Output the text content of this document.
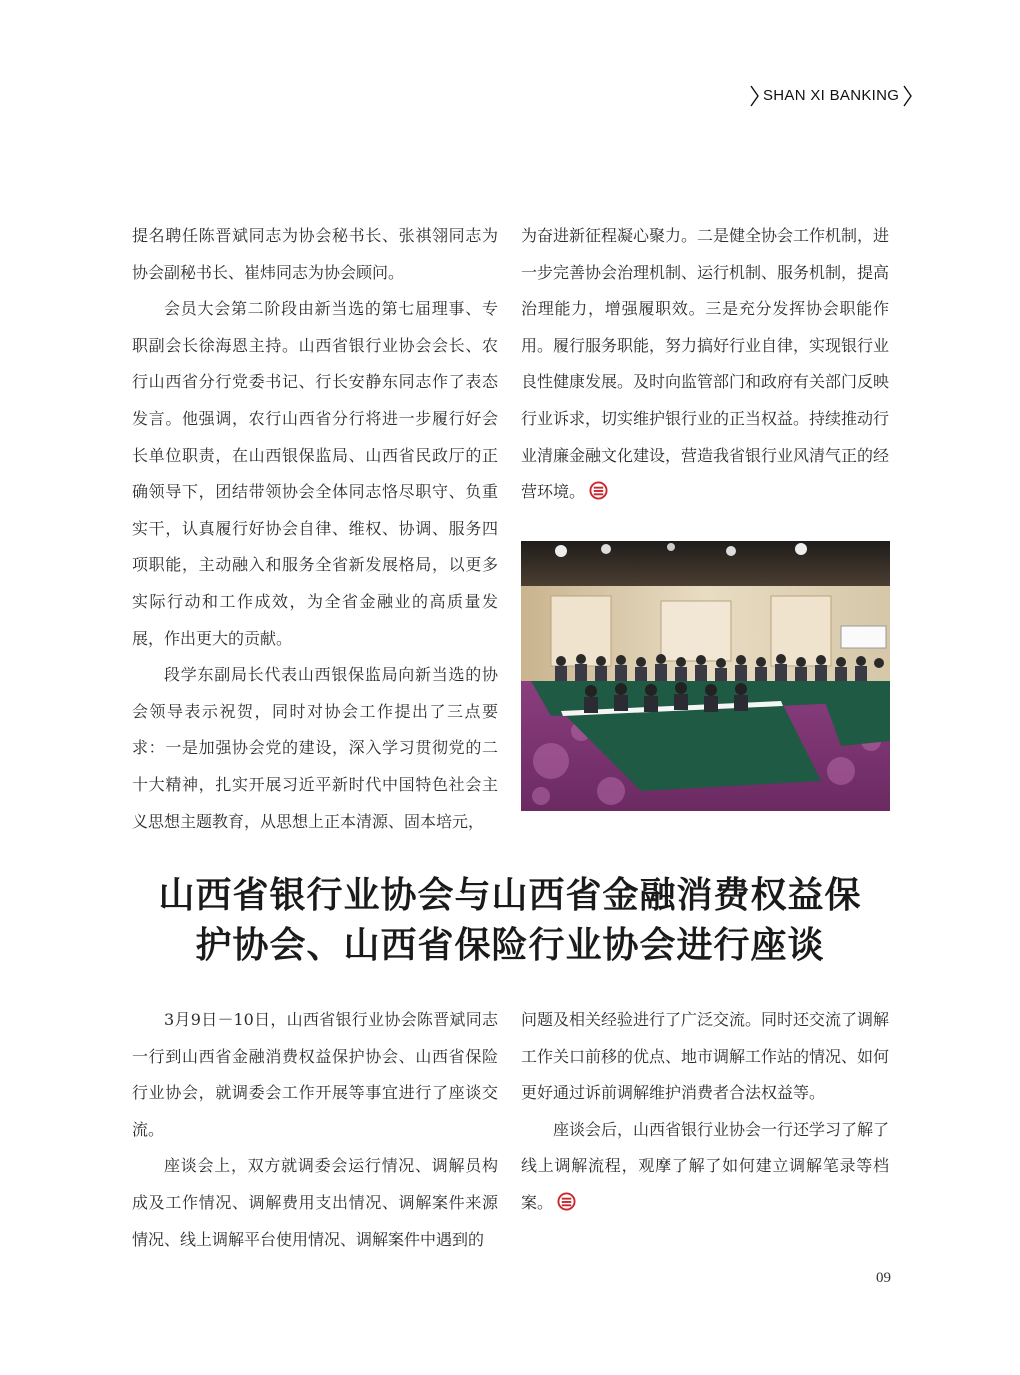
SHAN XI BANKING

提名聘任陈晋斌同志为协会秘书长、张祺翎同志为协会副秘书长、崔炜同志为协会顾问。

会员大会第二阶段由新当选的第七届理事、专职副会长徐海恩主持。山西省银行业协会会长、农行山西省分行党委书记、行长安静东同志作了表态发言。他强调，农行山西省分行将进一步履行好会长单位职责，在山西银保监局、山西省民政厅的正确领导下，团结带领协会全体同志恪尽职守、负重实干，认真履行好协会自律、维权、协调、服务四项职能，主动融入和服务全省新发展格局，以更多实际行动和工作成效，为全省金融业的高质量发展，作出更大的贡献。

段学东副局长代表山西银保监局向新当选的协会领导表示祝贺，同时对协会工作提出了三点要求：一是加强协会党的建设，深入学习贯彻党的二十大精神，扎实开展习近平新时代中国特色社会主义思想主题教育，从思想上正本清源、固本培元，

为奋进新征程凝心聚力。二是健全协会工作机制，进一步完善协会治理机制、运行机制、服务机制，提高治理能力，增强履职效。三是充分发挥协会职能作用。履行服务职能，努力搞好行业自律，实现银行业良性健康发展。及时向监管部门和政府有关部门反映行业诉求，切实维护银行业的正当权益。持续推动行业清廉金融文化建设，营造我省银行业风清气正的经营环境。

山西省银行业协会与山西省金融消费权益保
护协会、山西省保险行业协会进行座谈

3月9日－10日，山西省银行业协会陈晋斌同志一行到山西省金融消费权益保护协会、山西省保险行业协会，就调委会工作开展等事宜进行了座谈交流。

座谈会上，双方就调委会运行情况、调解员构成及工作情况、调解费用支出情况、调解案件来源情况、线上调解平台使用情况、调解案件中遇到的

问题及相关经验进行了广泛交流。同时还交流了调解工作关口前移的优点、地市调解工作站的情况、如何更好通过诉前调解维护消费者合法权益等。

座谈会后，山西省银行业协会一行还学习了解了线上调解流程，观摩了解了如何建立调解笔录等档案。

09
